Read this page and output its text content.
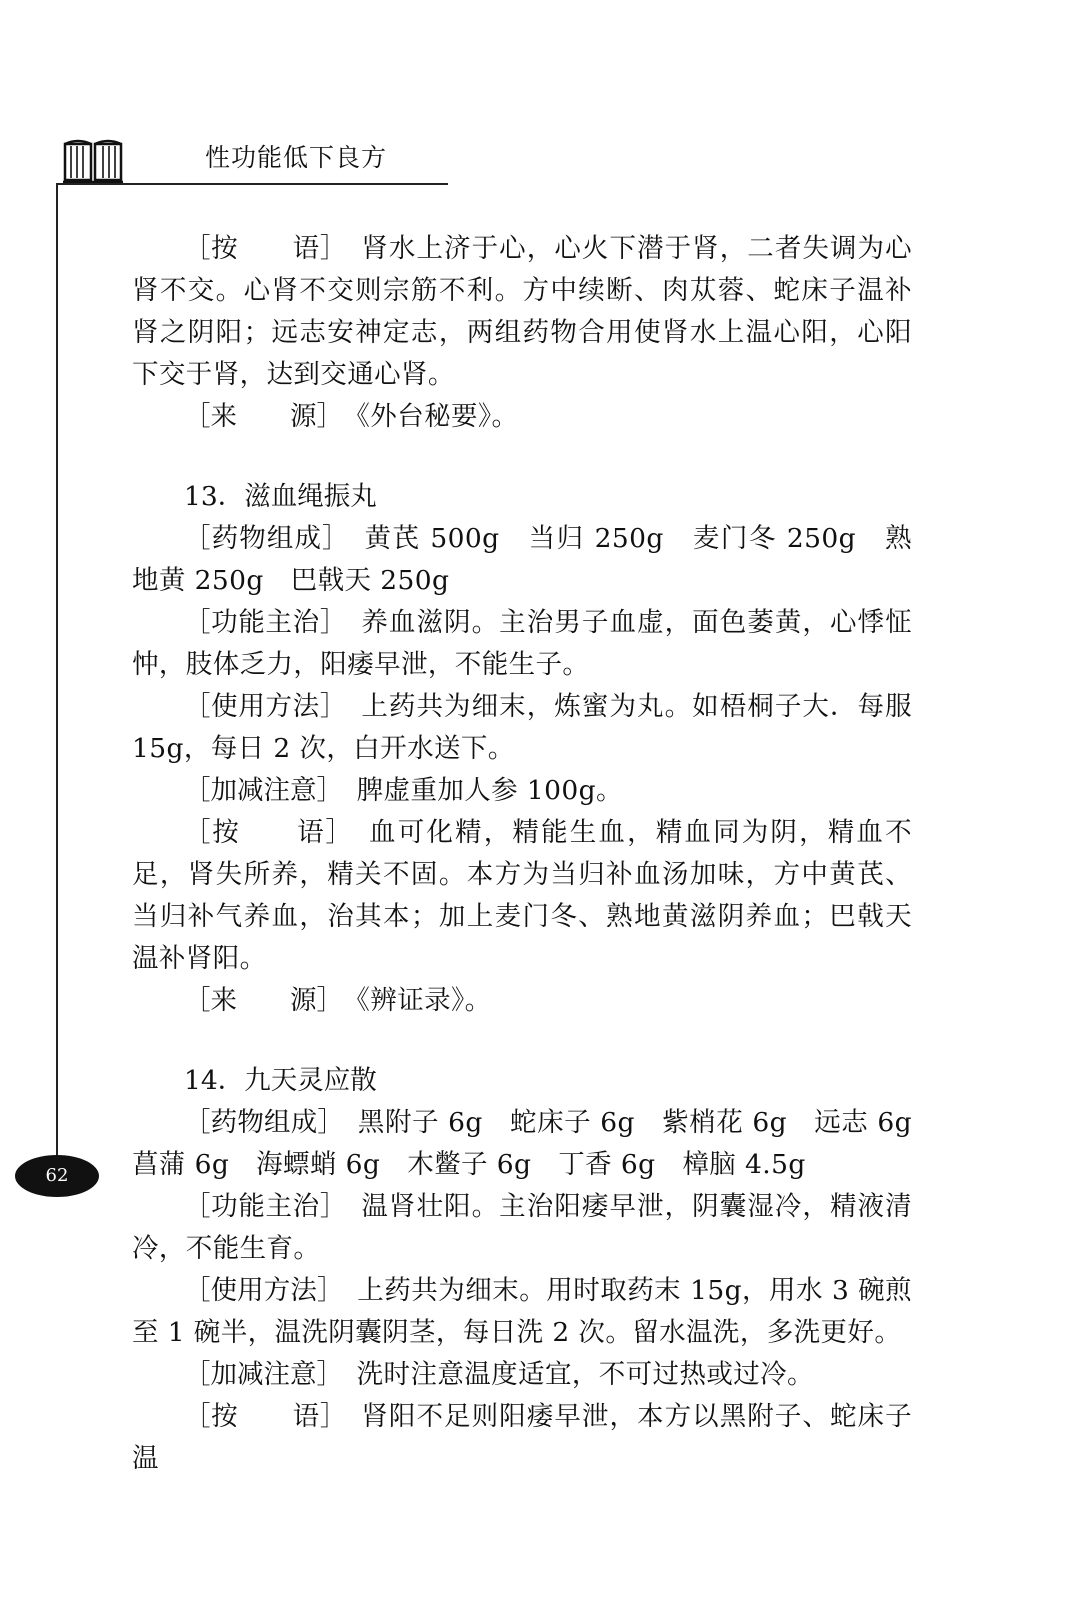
性功能低下良方
62

［按　　语］　 肾水上济于心，心火下潜于肾，二者失调为心肾不交。心肾不交则宗筋不利。方中续断、肉苁蓉、蛇床子温补肾之阴阳；远志安神定志，两组药物合用使肾水上温心阳，心阳下交于肾，达到交通心肾。

［来　　源］　 《外台秘要》。

13．滋血绳振丸

［药物组成］　 黄芪 500g　当归 250g　麦门冬 250g　熟地黄 250g　巴戟天 250g

［功能主治］　 养血滋阴。主治男子血虚，面色萎黄，心悸怔忡，肢体乏力，阳痿早泄，不能生子。

［使用方法］　 上药共为细末，炼蜜为丸。如梧桐子大．每服 15g，每日 2 次，白开水送下。

［加减注意］　 脾虚重加人参 100g。

［按　　语］　 血可化精，精能生血，精血同为阴，精血不足，肾失所养，精关不固。本方为当归补血汤加味，方中黄芪、当归补气养血，治其本；加上麦门冬、熟地黄滋阴养血；巴戟天温补肾阳。

［来　　源］　 《辨证录》。

14．九天灵应散

［药物组成］　 黑附子 6g　蛇床子 6g　紫梢花 6g　远志 6g　菖蒲 6g　海螵蛸 6g　木鳖子 6g　丁香 6g　樟脑 4.5g

［功能主治］　 温肾壮阳。主治阳痿早泄，阴囊湿冷，精液清冷，不能生育。

［使用方法］　 上药共为细末。用时取药末 15g，用水 3 碗煎至 1 碗半，温洗阴囊阴茎，每日洗 2 次。留水温洗，多洗更好。

［加减注意］　 洗时注意温度适宜，不可过热或过冷。

［按　　语］　 肾阳不足则阳痿早泄，本方以黑附子、蛇床子温
